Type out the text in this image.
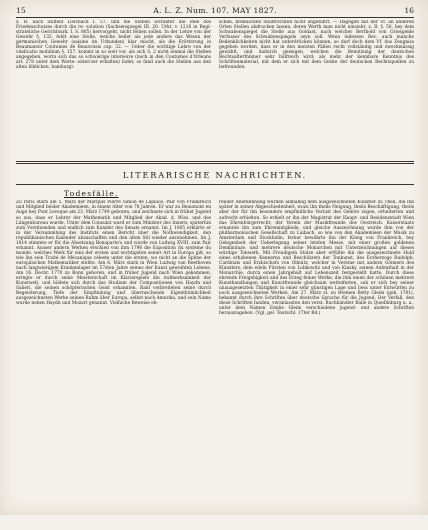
15	A. L. Z. Num. 107. MAY 1827.	16

z. B. nach Stilfeld Loevbach I. 57. und die Stellen worunter die Idee des Friedenschutzes durch die re- solution (Sachsenspiegel III. 20. Urkt. v. 1216 in Regi- strateliche Gerichtsurk. I. S. 805) hervorgeht, nicht fehlen sollen. In der Lehre von der Gewehr §. 132. fehlt eine Stelle, welche beiler als jede andere das Wesen der germanischen Gewehr (saisine im Urkunden) klar macht, als die Erörterung in Beaumanoir Coutumes de Beauvoisis cap. 32. — Ueber die wichtige Lehre von der vindicatio mobilium §. 157. kommt in so weit vor, als sich S. 2 nicht einmal die Stellen angegeben, worin sich das so schwierige interieure (noch in den Coutumes d'Orleans art. 278 unter dem Werte: entercier erhalten) fadet; so fand auch die Stellen aus den alten löblichen, hamburgi-

schen, bremischen Stadtrechten nicht angeführt. — Dagegen hat der Vf. an anderen Orten Stellen abdrucken lassen, deren Werth man nicht einsieht, z. B. §. 50. bey dem Schwabenspiegel die Stelle aus Goldast, nach welcher Berthold von Griesgelde Verfasser des Schwabenspiegels seyn soll. Wenn indessen Rec. auch manche Bedenklichkeiten nicht hat unterdrücken können, so darf doch dem Vf. das Zeugniss gegeben werden, dass er in den meisten Fällen recht vollständig und zweckmässig gewählt, und dadurch gezeigen, welchen die Benutzung der deutschen Rechtsalterthümer sehr hülfreich wird; als mehr der kennbare Kenntnis des Schriftenmaterial, mit dem er sich mit dem Geiste der deutschen Rechtsquellen zu befreunden.

LITERARISCHE NACHRICHTEN.
Todesfälle.

Zu Paris starb am 5. März der Marquis Pierre Simon de Laplace, Pair von Frankreich und Mitglied beider Akademieen, in einem Alter von 78 Jahren. Er war zu Beaumont en Auge bey Pont Leveque am 23. März 1749 geboren, und zeichnete sich in früher Jugend so aus, dass er Lehrer der Mathematik und Mitglied der Akad. d. Wiss. und des Längenbureau wurde. Unter dem Consulat ward er zum Minister des Innern, späterhin zum Vorsitzenden und endlich zum Kanzler des Senats ernannt. Im J. 1805 erklärte er in der Versammlung des Instituts einen Bericht über die Nothwendigkeit, den republikanischen Kalender abzuschaffen und den alten Stil wieder anzunehmen. Im J. 1814 stimmte er für die Absetzung Bonaparte's und wurde von Ludwig XVIII. zum Pair ernannt. Ausser andern Werken erschien von ihm 1796 die Exposition du système du monde, welches Werk für eins der ersten und wichtigsten seiner Art in Europa gilt, so wie ihn sein Traité de Mécanique céleste unter die ersten, wo nicht an die Spitze der europäischen Mathematiker stellte. Am 6. März starb in Wien Ludwig van Beethoven nach langwierigem Krankenlager im 57sten Jahre seines der Kunst geweihten Lebens. Am 16. Decbr. 1770 zu Bonn geboren, und in früher Jugend nach Wien gekommen, erregte er durch seine Meisterschaft im Klavierspiele die Aufmerksamkeit der Kunstwelt, und bildete sich durch das Studium der Compositionen von Haydn und Salieri, die seinen schöpferischen Geist erkannten. Bald verbreiteten seine durch Begeisterung, Tiefe der Empfindung und überraschende Eigenthümlichkeit ausgezeichneten Werke seinen Ruhm über Europa, selbst nach Amerika, und sein Name wurde neben Haydn und Mozart genannt. Vielfache Beweise eh-

render Anerkennung wurden allmählig dem ausgezeichneten Künstler zu Theil, die ihn später in seiner Abgeschiedenheit, wozu ihn theils Neigung, theils Beschäftigung, theils aber der für ihn besonders empfindliche Verlust des Gehörs zogen, erheiterten und aufrecht erhielten. So erhielt er ihn der Magistrat der Haupt- und Residenzstadt Wien das Ehrenbürgerrecht; der Verein der Musikfreunde des Oestreich. Kaiserstaats ernannte ihn zum Ehrenmitgliede, und gleiche Auszeichnung wurde ihm von der philharmonischen Gesellschaft zu Laibach, so wie von den Akademieen der Musik zu Amsterdam und Stockholm; ferner bewährte ihn der König von Frankreich, bey Gelegenheit der Ueberlegung seiner letzten Messe, mit einer großen goldenen Denkmünze, und mehrere deutsche Monarchen mit Unterzeichnungen auf dieses würdige Tonwerk. Mit Freudigem Stolze aber erfüllte ihn die ausgezeichnete Huld eines erhabenen Kennerns und Beschützers der Tonkunst, des Erzherzogs Rudolph, Cardinals und Erzbischofs von Olmütz, welcher in Vereine mit andern Gönnern des Künstlers, dem edeln Fürsten von Lobkowitz und von Kinsky, seinen Aufenthalt in der Monarchie, durch einen Jahrgehalt auf Lebenszeit festgestellt hatte. Durch diese ehrende Freigebigkeit und des Erzeg feiner Werke, die ihm einen der schönen mehrere Kunsthandlungen und Kunstfreunde gleichsam wetteiferten, sah er sich bey seiner unausgesetzten Thätigkeit in einer sehr günstigen Lage und liess unter Entwürfen zu noch ausgezeichneten Werken. Am 27. März st. zu Bremen Betty Gleim (geb. 1781), bekannt durch ihre Schriften über deutsche Sprache für die Jugend. Der Verfall, den diese Schriften fanden, veranlassten den verst. Buchhändler Balle in Quedlinburg u. a., unter dem Namen Emilie Gleim verschiedene jugend- und andere Schriften herauszugeben. (Vgl. gel. Teutschl. 17ter Bd.)
